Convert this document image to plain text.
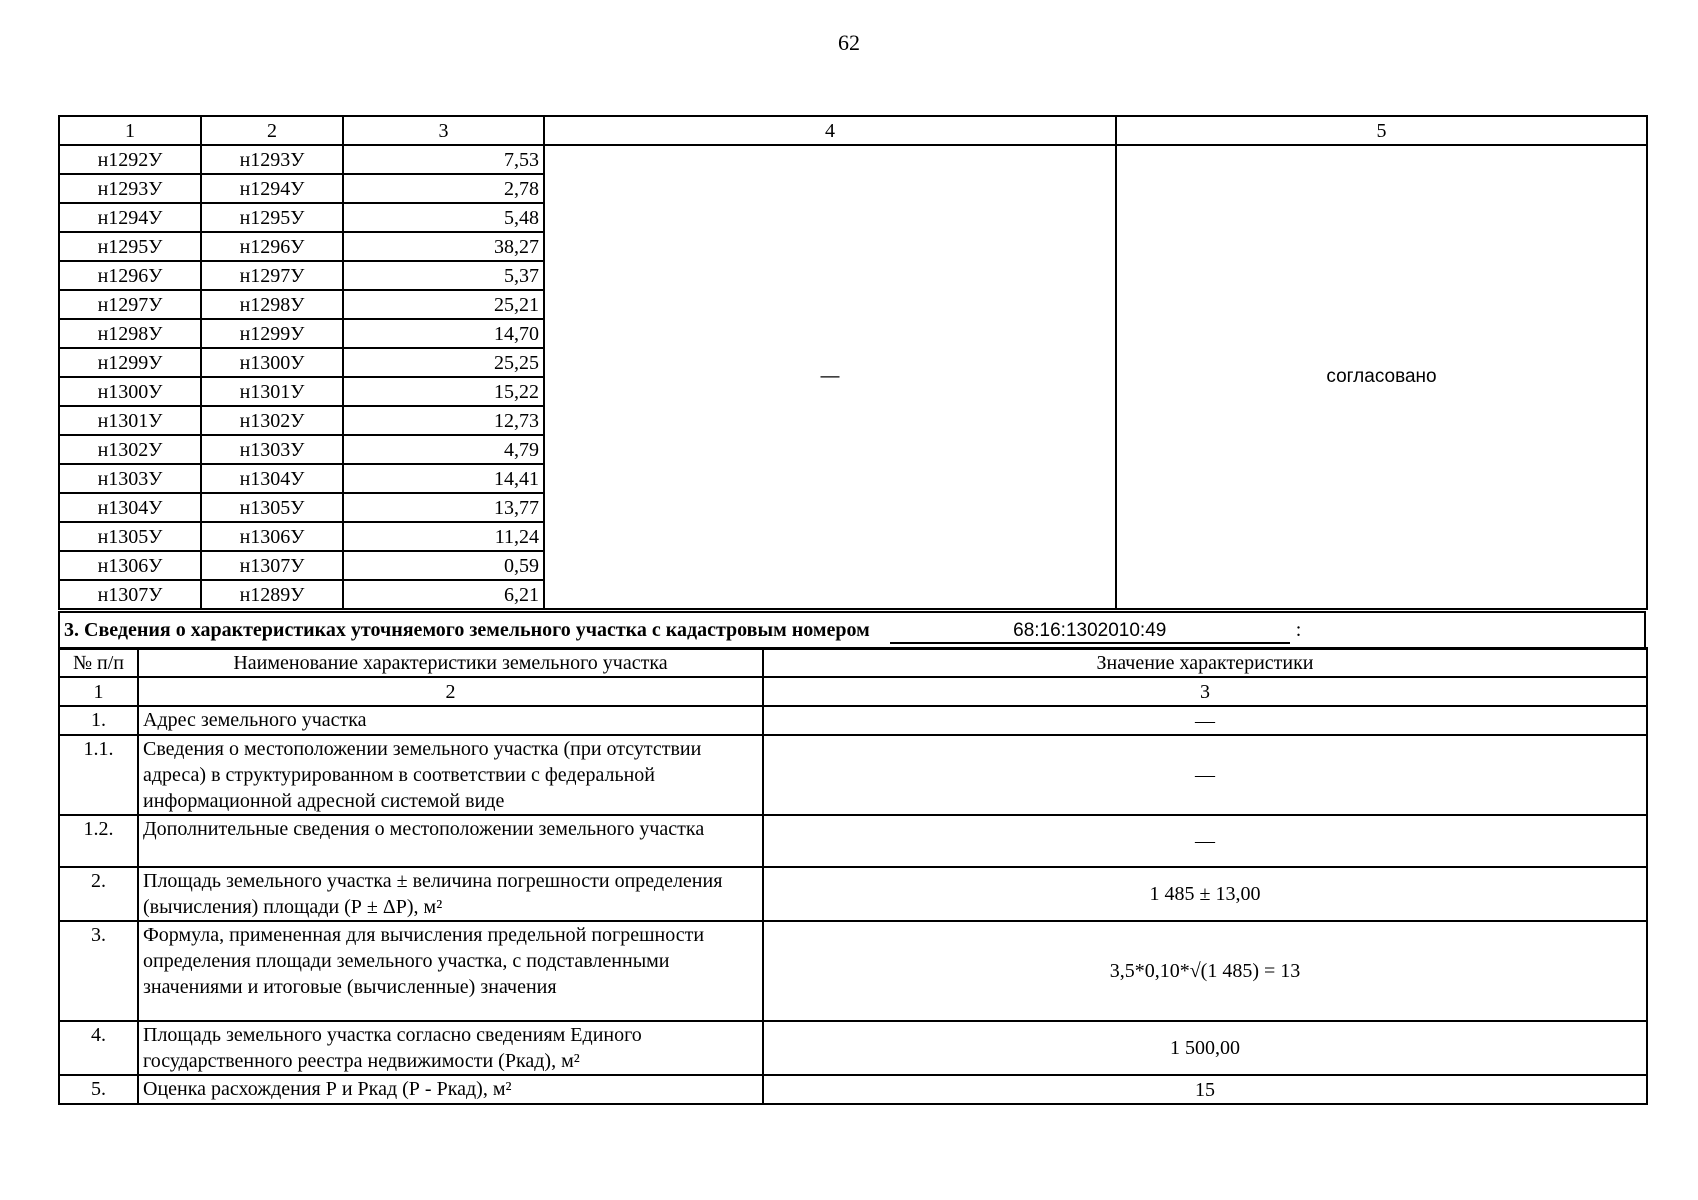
62
1	2	3	4	5
н1292У	н1293У	7,53	—	согласовано
н1293У	н1294У	2,78		
н1294У	н1295У	5,48		
н1295У	н1296У	38,27		
н1296У	н1297У	5,37		
н1297У	н1298У	25,21		
н1298У	н1299У	14,70		
н1299У	н1300У	25,25		
н1300У	н1301У	15,22		
н1301У	н1302У	12,73		
н1302У	н1303У	4,79		
н1303У	н1304У	14,41		
н1304У	н1305У	13,77		
н1305У	н1306У	11,24		
н1306У	н1307У	0,59		
н1307У	н1289У	6,21		
3. Сведения о характеристиках уточняемого земельного участка с кадастровым номером	68:16:1302010:49	:
№ п/п	Наименование характеристики земельного участка	Значение характеристики
1	2	3
1.	Адрес земельного участка	—
1.1.	Сведения о местоположении земельного участка (при отсутствии адреса) в структурированном в соответствии с федеральной информационной адресной системой виде	—
1.2.	Дополнительные сведения о местоположении земельного участка	—
2.	Площадь земельного участка ± величина погрешности определения (вычисления) площади (Р ± ΔР), м²	1 485 ± 13,00
3.	Формула, примененная для вычисления предельной погрешности определения площади земельного участка, с подставленными значениями и итоговые (вычисленные) значения	3,5*0,10*√(1 485) = 13
4.	Площадь земельного участка согласно сведениям Единого государственного реестра недвижимости (Ркад), м²	1 500,00
5.	Оценка расхождения Р и Ркад (Р - Ркад), м²	15
